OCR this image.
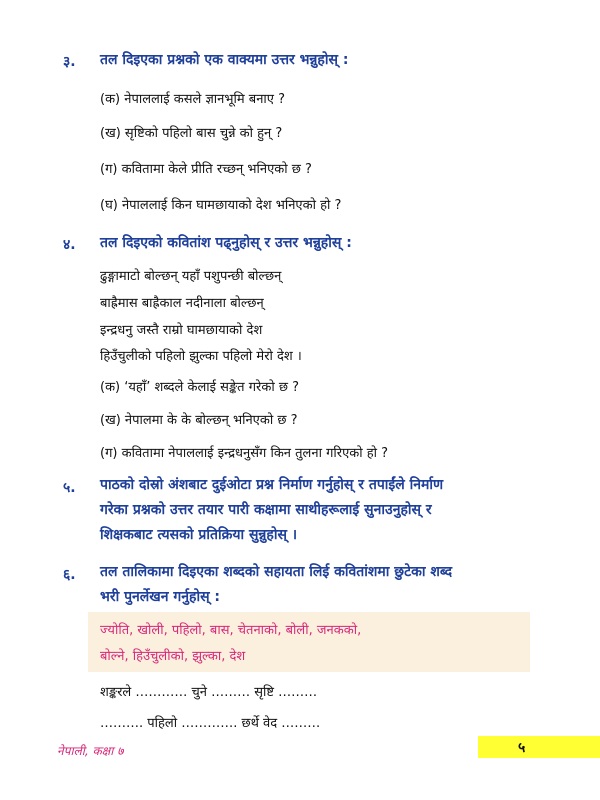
३. तल दिइएका प्रश्नको एक वाक्यमा उत्तर भन्नुहोस् :
(क) नेपाललाई कसले ज्ञानभूमि बनाए ?
(ख) सृष्टिको पहिलो बास चुन्ने को हुन् ?
(ग) कवितामा केले प्रीति रच्छन् भनिएको छ ?
(घ) नेपाललाई किन घामछायाको देश भनिएको हो ?
४. तल दिइएको कवितांश पढ्नुहोस् र उत्तर भन्नुहोस् :
ढुङ्गामाटो बोल्छन् यहाँ पशुपन्छी बोल्छन्
बाह्रैमास बाह्रैकाल नदीनाला बोल्छन्
इन्द्रधनु जस्तै राम्रो घामछायाको देश
हिउँचुलीको पहिलो झुल्का पहिलो मेरो देश ।
(क) ‘यहाँ’ शब्दले केलाई सङ्केत गरेको छ ?
(ख) नेपालमा के के बोल्छन् भनिएको छ ?
(ग) कवितामा नेपाललाई इन्द्रधनुसँग किन तुलना गरिएको हो ?
५. पाठको दोस्रो अंशबाट दुईओटा प्रश्न निर्माण गर्नुहोस् र तपाईंले निर्माण
गरेका प्रश्नको उत्तर तयार पारी कक्षामा साथीहरूलाई सुनाउनुहोस् र
शिक्षकबाट त्यसको प्रतिक्रिया सुन्नुहोस् ।
६. तल तालिकामा दिइएका शब्दको सहायता लिई कवितांशमा छुटेका शब्द
भरी पुनर्लेखन गर्नुहोस् :
ज्योति, खोली, पहिलो, बास, चेतनाको, बोली, जनकको,
बोल्ने, हिउँचुलीको, झुल्का, देश
शङ्करले ………… चुने ……… सृष्टि ………
………. पहिलो …………. छर्थे वेद ………
नेपाली, कक्षा ७	५
